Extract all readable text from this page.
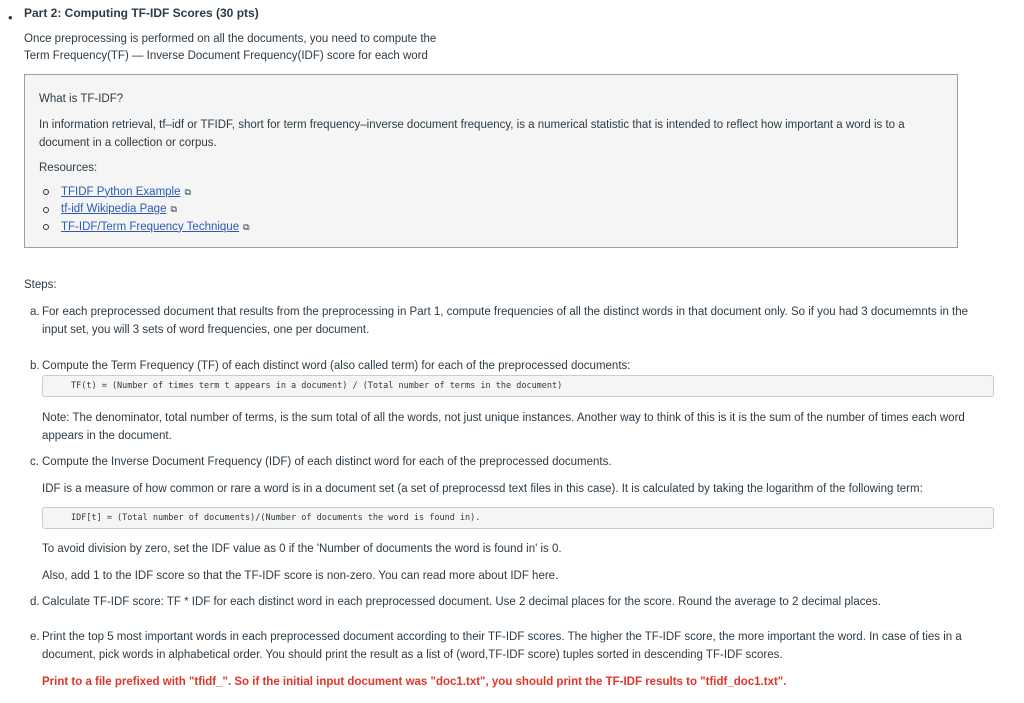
• Part 2: Computing TF-IDF Scores (30 pts)
Once preprocessing is performed on all the documents, you need to compute the
Term Frequency(TF) — Inverse Document Frequency(IDF) score for each word

What is TF-IDF?

In information retrieval, tf–idf or TFIDF, short for term frequency–inverse document frequency, is a numerical statistic that is intended to reflect how important a word is to a document in a collection or corpus.

Resources:

TFIDF Python Example ⧉
tf-idf Wikipedia Page ⧉
TF-IDF/Term Frequency Technique ⧉
Steps:
a. For each preprocessed document that results from the preprocessing in Part 1, compute frequencies of all the distinct words in that document only. So if you had 3 documemnts in the input set, you will 3 sets of word frequencies, one per document.
b. Compute the Term Frequency (TF) of each distinct word (also called term) for each of the preprocessed documents:
TF(t) = (Number of times term t appears in a document) / (Total number of terms in the document)
Note: The denominator, total number of terms, is the sum total of all the words, not just unique instances. Another way to think of this is it is the sum of the number of times each word appears in the document.
c. Compute the Inverse Document Frequency (IDF) of each distinct word for each of the preprocessed documents.
IDF is a measure of how common or rare a word is in a document set (a set of preprocessd text files in this case). It is calculated by taking the logarithm of the following term:
IDF[t] = (Total number of documents)/(Number of documents the word is found in).
To avoid division by zero, set the IDF value as 0 if the 'Number of documents the word is found in' is 0.
Also, add 1 to the IDF score so that the TF-IDF score is non-zero. You can read more about IDF here.
d. Calculate TF-IDF score: TF * IDF for each distinct word in each preprocessed document. Use 2 decimal places for the score. Round the average to 2 decimal places.
e. Print the top 5 most important words in each preprocessed document according to their TF-IDF scores. The higher the TF-IDF score, the more important the word. In case of ties in a document, pick words in alphabetical order. You should print the result as a list of (word,TF-IDF score) tuples sorted in descending TF-IDF scores.
Print to a file prefixed with "tfidf_". So if the initial input document was "doc1.txt", you should print the TF-IDF results to "tfidf_doc1.txt".
